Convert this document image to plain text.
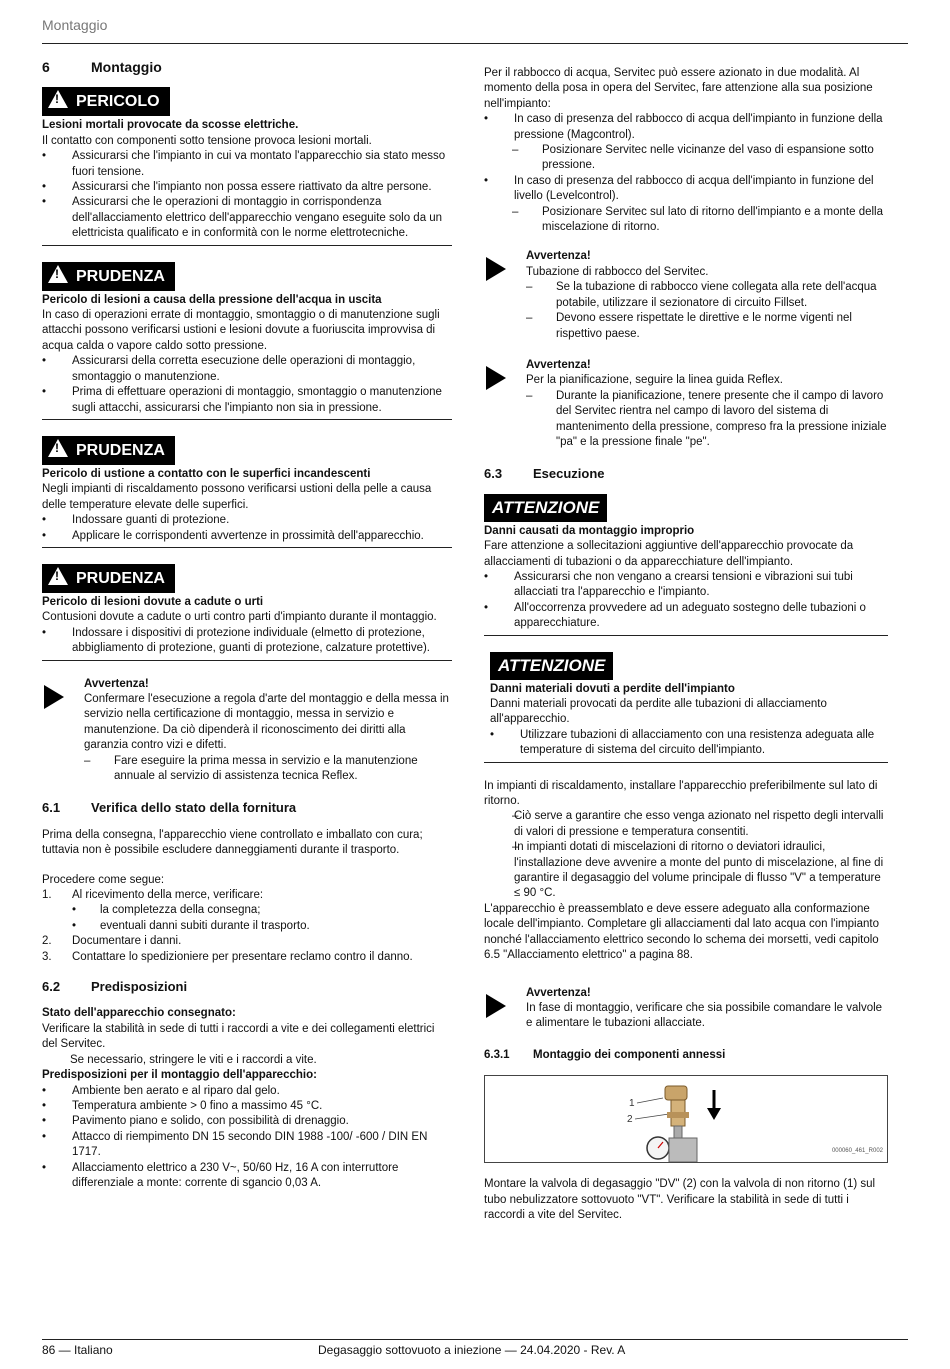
Montaggio
6	Montaggio
!PERICOLO

Lesioni mortali provocate da scosse elettriche.

Il contatto con componenti sotto tensione provoca lesioni mortali.

• Assicurarsi che l'impianto in cui va montato l'apparecchio sia stato messo fuori tensione.
• Assicurarsi che l'impianto non possa essere riattivato da altre persone.
• Assicurarsi che le operazioni di montaggio in corrispondenza dell'allacciamento elettrico dell'apparecchio vengano eseguite solo da un elettricista qualificato e in conformità con le norme elettrotecniche.
!PRUDENZA

Pericolo di lesioni a causa della pressione dell'acqua in uscita

In caso di operazioni errate di montaggio, smontaggio o di manutenzione sugli attacchi possono verificarsi ustioni e lesioni dovute a fuoriuscita improvvisa di acqua calda o vapore caldo sotto pressione.

• Assicurarsi della corretta esecuzione delle operazioni di montaggio, smontaggio o manutenzione.
• Prima di effettuare operazioni di montaggio, smontaggio o manutenzione sugli attacchi, assicurarsi che l'impianto non sia in pressione.
!PRUDENZA

Pericolo di ustione a contatto con le superfici incandescenti

Negli impianti di riscaldamento possono verificarsi ustioni della pelle a causa delle temperature elevate delle superfici.

• Indossare guanti di protezione.
• Applicare le corrispondenti avvertenze in prossimità dell'apparecchio.
!PRUDENZA

Pericolo di lesioni dovute a cadute o urti

Contusioni dovute a cadute o urti contro parti d'impianto durante il montaggio.

• Indossare i dispositivi di protezione individuale (elmetto di protezione, abbigliamento di protezione, guanti di protezione, calzature protettive).

Avvertenza!

Confermare l'esecuzione a regola d'arte del montaggio e della messa in servizio nella certificazione di montaggio, messa in servizio e manutenzione. Da ciò dipenderà il riconoscimento dei diritti alla garanzia contro vizi e difetti.

– Fare eseguire la prima messa in servizio e la manutenzione annuale al servizio di assistenza tecnica Reflex.
6.1 Verifica dello stato della fornitura

Prima della consegna, l'apparecchio viene controllato e imballato con cura; tuttavia non è possibile escludere danneggiamenti durante il trasporto.

Procedere come segue:

1. Al ricevimento della merce, verificare:
• la completezza della consegna;
• eventuali danni subiti durante il trasporto.
2. Documentare i danni.
3. Contattare lo spedizioniere per presentare reclamo contro il danno.
6.2 Predisposizioni

Stato dell'apparecchio consegnato:

Verificare la stabilità in sede di tutti i raccordi a vite e dei collegamenti elettrici del Servitec.

Se necessario, stringere le viti e i raccordi a vite.

Predisposizioni per il montaggio dell'apparecchio:

• Ambiente ben aerato e al riparo dal gelo.
• Temperatura ambiente > 0 fino a massimo 45 °C.
• Pavimento piano e solido, con possibilità di drenaggio.
• Attacco di riempimento DN 15 secondo DIN 1988 -100/ -600 / DIN EN 1717.
• Allacciamento elettrico a 230 V~, 50/60 Hz, 16 A con interruttore differenziale a monte: corrente di sgancio 0,03 A.

Per il rabbocco di acqua, Servitec può essere azionato in due modalità. Al momento della posa in opera del Servitec, fare attenzione alla sua posizione nell'impianto:

• In caso di presenza del rabbocco di acqua dell'impianto in funzione della pressione (Magcontrol).
– Posizionare Servitec nelle vicinanze del vaso di espansione sotto pressione.
• In caso di presenza del rabbocco di acqua dell'impianto in funzione del livello (Levelcontrol).
– Posizionare Servitec sul lato di ritorno dell'impianto e a monte della miscelazione di ritorno.

Avvertenza!

Tubazione di rabbocco del Servitec.

– Se la tubazione di rabbocco viene collegata alla rete dell'acqua potabile, utilizzare il sezionatore di circuito Fillset.
– Devono essere rispettate le direttive e le norme vigenti nel rispettivo paese.

Avvertenza!

Per la pianificazione, seguire la linea guida Reflex.

– Durante la pianificazione, tenere presente che il campo di lavoro del Servitec rientra nel campo di lavoro del sistema di mantenimento della pressione, compreso fra la pressione iniziale "pa" e la pressione finale "pe".
6.3 Esecuzione
ATTENZIONE

Danni causati da montaggio improprio

Fare attenzione a sollecitazioni aggiuntive dell'apparecchio provocate da allacciamenti di tubazioni o da apparecchiature dell'impianto.

• Assicurarsi che non vengano a crearsi tensioni e vibrazioni sui tubi allacciati tra l'apparecchio e l'impianto.
• All'occorrenza provvedere ad un adeguato sostegno delle tubazioni o apparecchiature.
ATTENZIONE

Danni materiali dovuti a perdite dell'impianto

Danni materiali provocati da perdite alle tubazioni di allacciamento all'apparecchio.

• Utilizzare tubazioni di allacciamento con una resistenza adeguata alle temperature di sistema del circuito dell'impianto.

In impianti di riscaldamento, installare l'apparecchio preferibilmente sul lato di ritorno.

– Ciò serve a garantire che esso venga azionato nel rispetto degli intervalli di valori di pressione e temperatura consentiti.
– In impianti dotati di miscelazioni di ritorno o deviatori idraulici, l'installazione deve avvenire a monte del punto di miscelazione, al fine di garantire il degasaggio del volume principale di flusso "V" a temperature ≤ 90 °C.

L'apparecchio è preassemblato e deve essere adeguato alla conformazione locale dell'impianto. Completare gli allacciamenti dal lato acqua con l'impianto nonché l'allacciamento elettrico secondo lo schema dei morsetti, vedi capitolo 6.5 "Allacciamento elettrico" a pagina 88.

Avvertenza!

In fase di montaggio, verificare che sia possibile comandare le valvole e alimentare le tubazioni allacciate.

6.3.1 Montaggio dei componenti annessi
1
2
000060_461_R002

Montare la valvola di degasaggio "DV" (2) con la valvola di non ritorno (1) sul tubo nebulizzatore sottovuoto "VT". Verificare la stabilità in sede di tutti i raccordi a vite del Servitec.

86 — Italiano	Degasaggio sottovuoto a iniezione — 24.04.2020 - Rev. A
